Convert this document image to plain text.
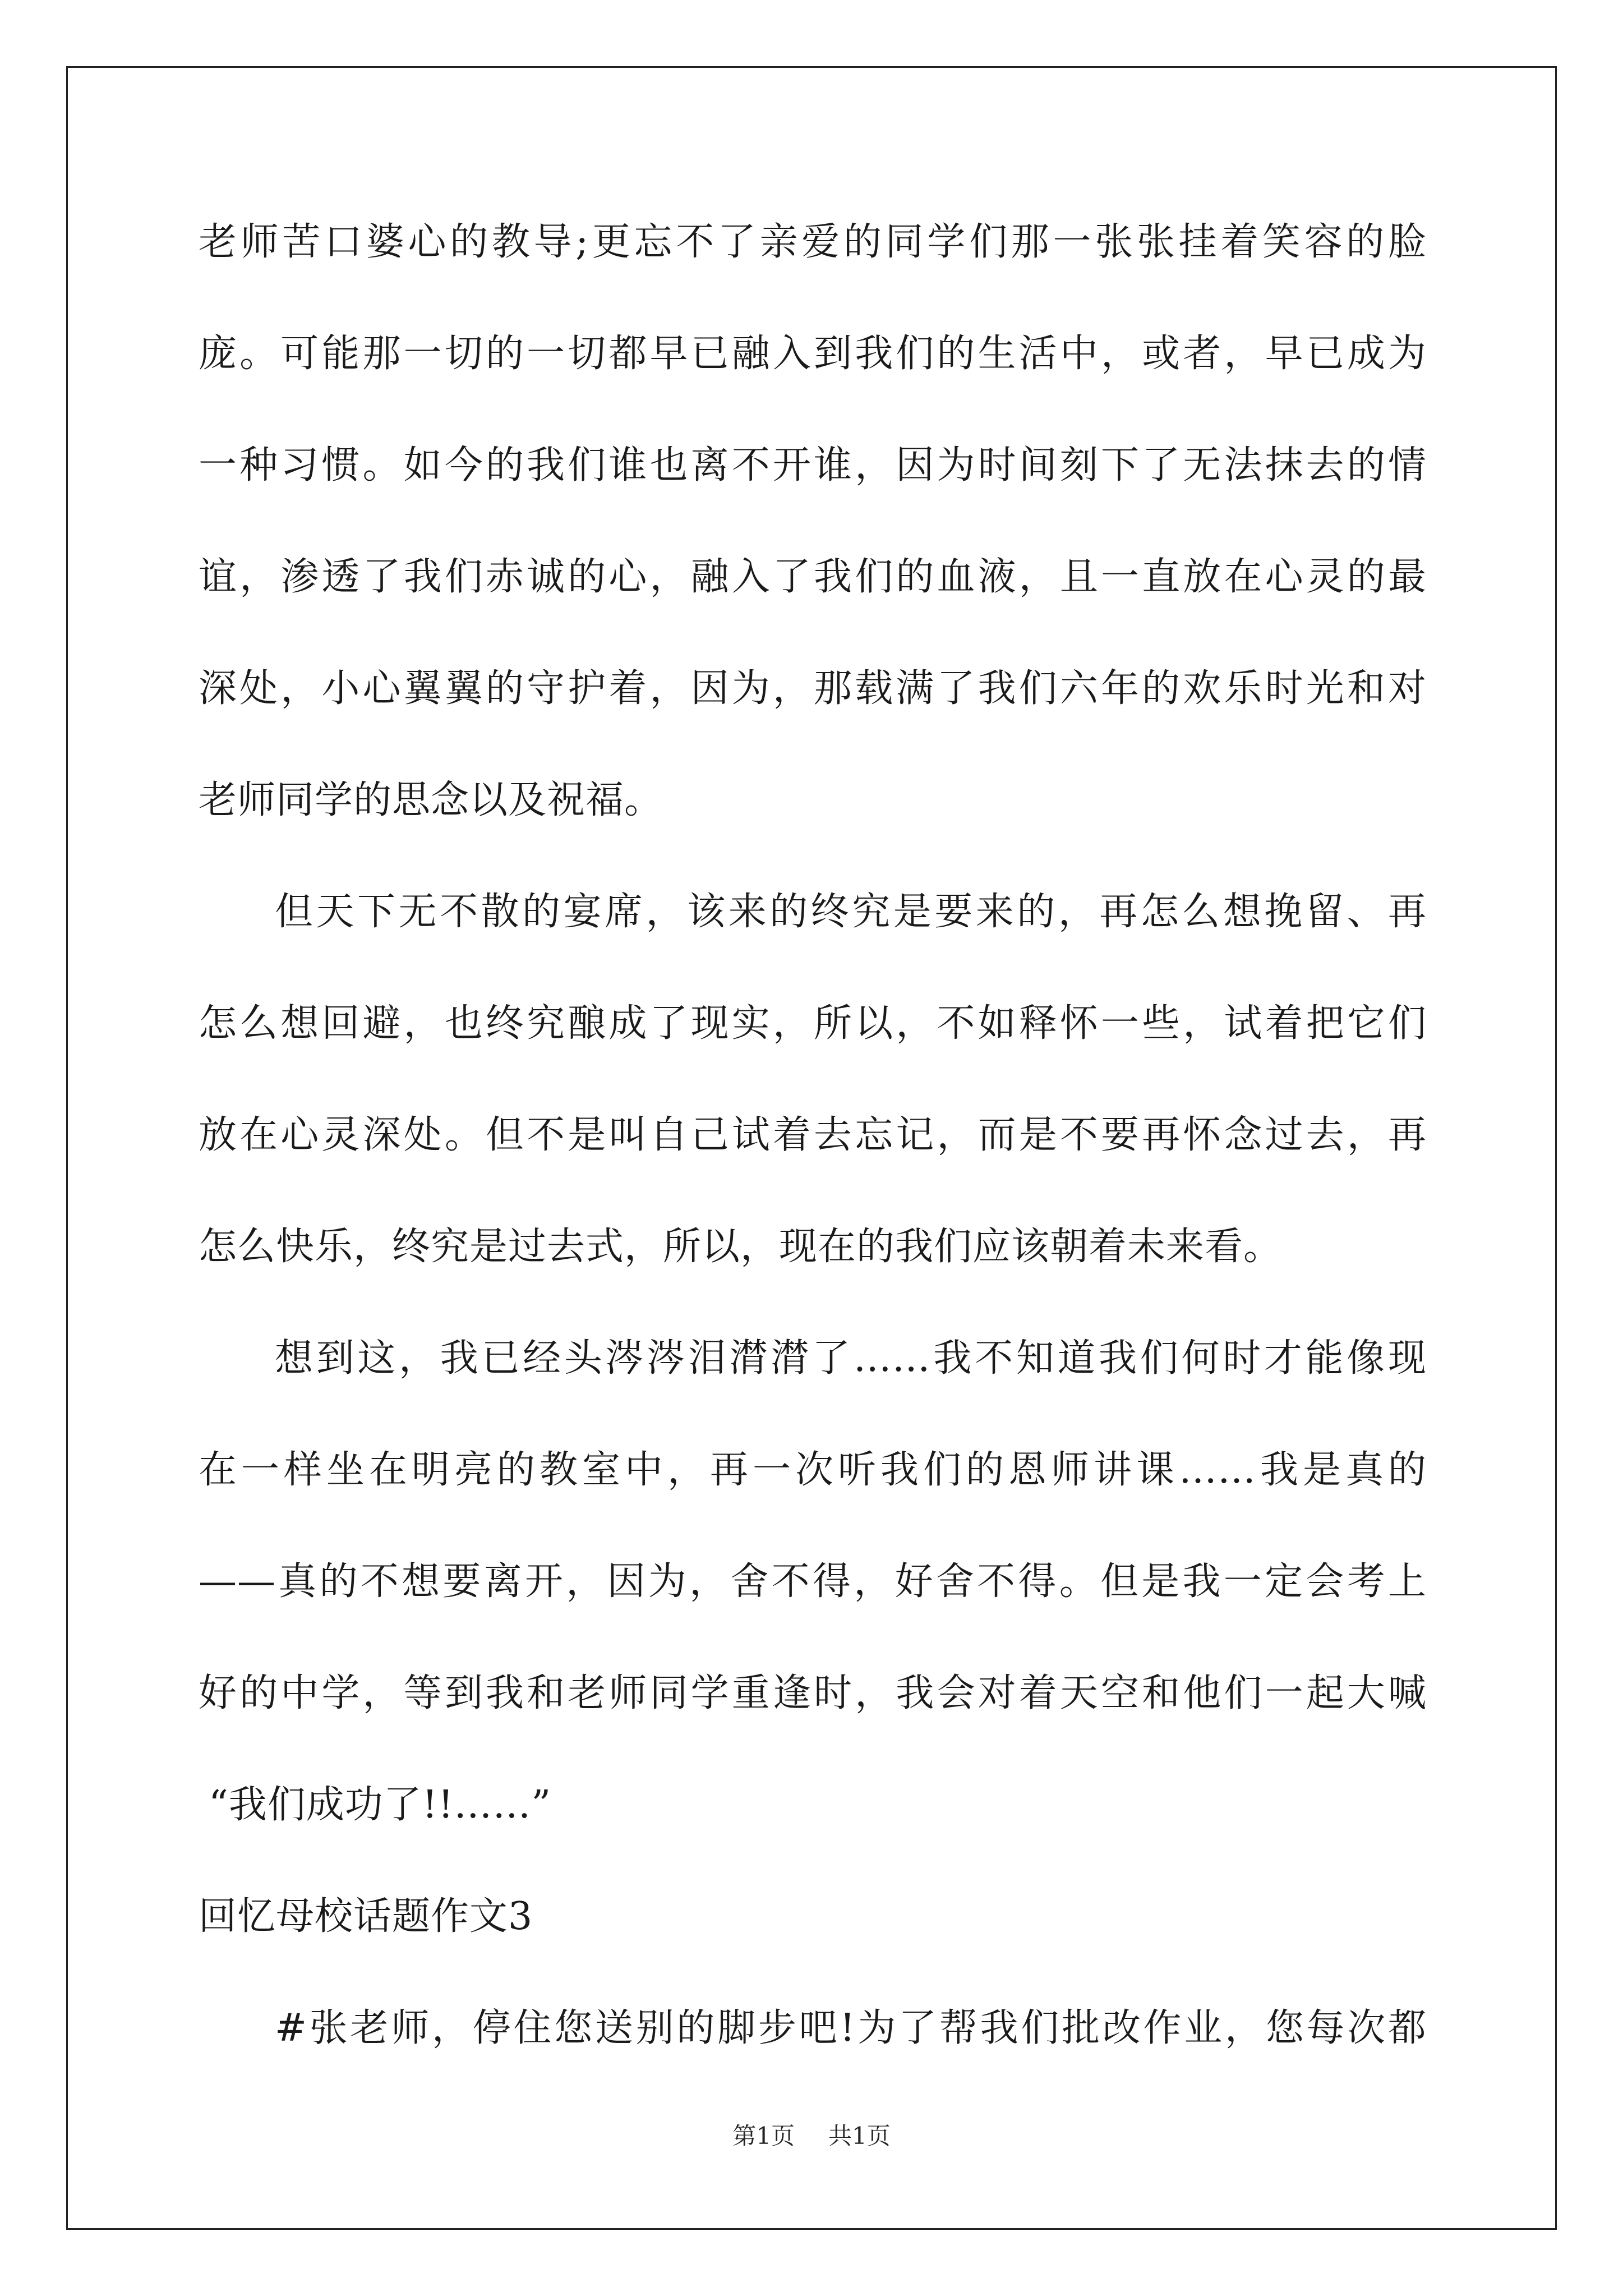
老师苦口婆心的教导;更忘不了亲爱的同学们那一张张挂着笑容的脸
庞。可能那一切的一切都早已融入到我们的生活中，或者，早已成为
一种习惯。如今的我们谁也离不开谁，因为时间刻下了无法抹去的情
谊，渗透了我们赤诚的心，融入了我们的血液，且一直放在心灵的最
深处，小心翼翼的守护着，因为，那载满了我们六年的欢乐时光和对
老师同学的思念以及祝福。
但天下无不散的宴席，该来的终究是要来的，再怎么想挽留、再
怎么想回避，也终究酿成了现实，所以，不如释怀一些，试着把它们
放在心灵深处。但不是叫自己试着去忘记，而是不要再怀念过去，再
怎么快乐，终究是过去式，所以，现在的我们应该朝着未来看。
想到这，我已经头涔涔泪潸潸了……我不知道我们何时才能像现
在一样坐在明亮的教室中，再一次听我们的恩师讲课……我是真的
——真的不想要离开，因为，舍不得，好舍不得。但是我一定会考上
好的中学，等到我和老师同学重逢时，我会对着天空和他们一起大喊
“我们成功了!!……”
回忆母校话题作文3
#张老师，停住您送别的脚步吧!为了帮我们批改作业，您每次都
第1页 共1页
